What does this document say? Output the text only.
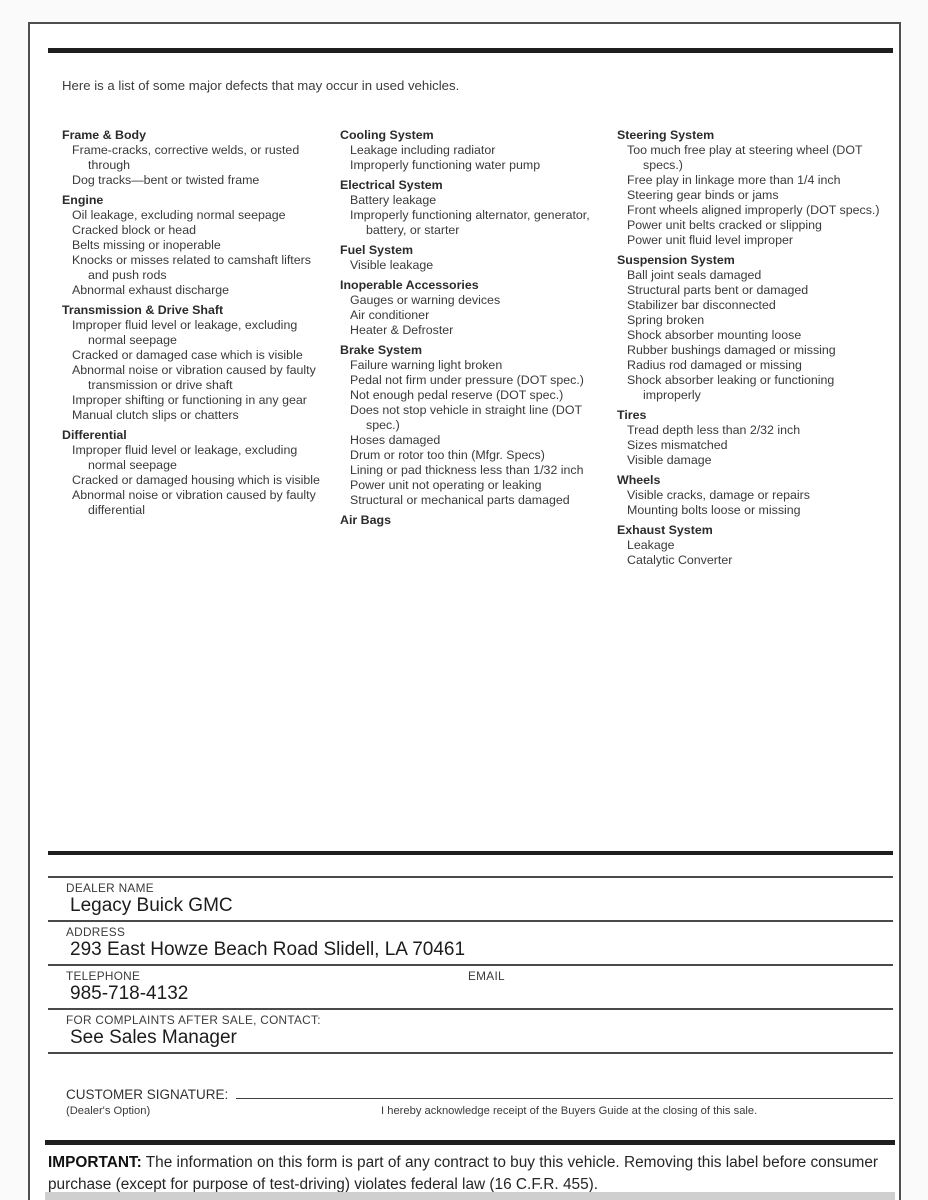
Here is a list of some major defects that may occur in used vehicles.
Frame & Body
Frame-cracks, corrective welds, or rusted through
Dog tracks—bent or twisted frame
Engine
Oil leakage, excluding normal seepage
Cracked block or head
Belts missing or inoperable
Knocks or misses related to camshaft lifters and push rods
Abnormal exhaust discharge
Transmission & Drive Shaft
Improper fluid level or leakage, excluding normal seepage
Cracked or damaged case which is visible
Abnormal noise or vibration caused by faulty transmission or drive shaft
Improper shifting or functioning in any gear
Manual clutch slips or chatters
Differential
Improper fluid level or leakage, excluding normal seepage
Cracked or damaged housing which is visible
Abnormal noise or vibration caused by faulty differential
Cooling System
Leakage including radiator
Improperly functioning water pump
Electrical System
Battery leakage
Improperly functioning alternator, generator, battery, or starter
Fuel System
Visible leakage
Inoperable Accessories
Gauges or warning devices
Air conditioner
Heater & Defroster
Brake System
Failure warning light broken
Pedal not firm under pressure (DOT spec.)
Not enough pedal reserve (DOT spec.)
Does not stop vehicle in straight line (DOT spec.)
Hoses damaged
Drum or rotor too thin (Mfgr. Specs)
Lining or pad thickness less than 1/32 inch
Power unit not operating or leaking
Structural or mechanical parts damaged
Air Bags
Steering System
Too much free play at steering wheel (DOT specs.)
Free play in linkage more than 1/4 inch
Steering gear binds or jams
Front wheels aligned improperly (DOT specs.)
Power unit belts cracked or slipping
Power unit fluid level improper
Suspension System
Ball joint seals damaged
Structural parts bent or damaged
Stabilizer bar disconnected
Spring broken
Shock absorber mounting loose
Rubber bushings damaged or missing
Radius rod damaged or missing
Shock absorber leaking or functioning improperly
Tires
Tread depth less than 2/32 inch
Sizes mismatched
Visible damage
Wheels
Visible cracks, damage or repairs
Mounting bolts loose or missing
Exhaust System
Leakage
Catalytic Converter
DEALER NAME
Legacy Buick GMC
ADDRESS
293 East Howze Beach Road Slidell, LA 70461
TELEPHONE	EMAIL
985-718-4132
FOR COMPLAINTS AFTER SALE, CONTACT:
See Sales Manager
CUSTOMER SIGNATURE:
(Dealer's Option)	I hereby acknowledge receipt of the Buyers Guide at the closing of this sale.
IMPORTANT: The information on this form is part of any contract to buy this vehicle. Removing this label before consumer purchase (except for purpose of test-driving) violates federal law (16 C.F.R. 455).
